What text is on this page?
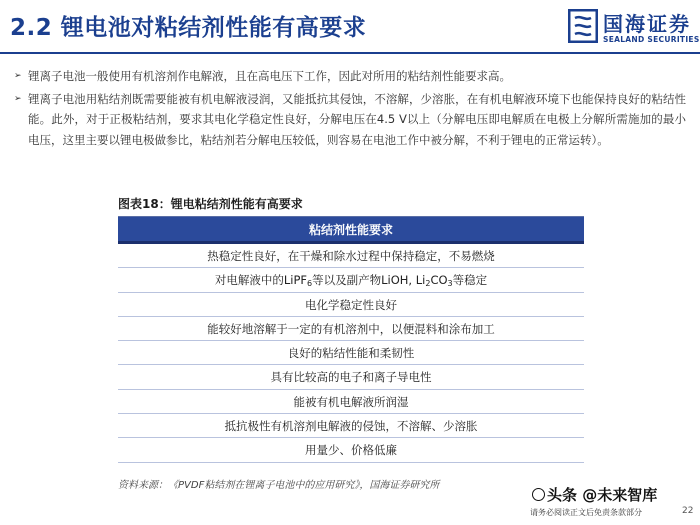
2.2 锂电池对粘结剂性能有高要求	国海证券
SEALAND SECURITIES
➢ 锂离子电池一般使用有机溶剂作电解液，且在高电压下工作，因此对所用的粘结剂性能要求高。
➢ 锂离子电池用粘结剂既需要能被有机电解液浸润，又能抵抗其侵蚀，不溶解，少溶胀，在有机电解液环境下也能保持良好的粘结性能。此外，对于正极粘结剂，要求其电化学稳定性良好，分解电压在4.5 V以上（分解电压即电解质在电极上分解所需施加的最小电压，这里主要以锂电极做参比，粘结剂若分解电压较低，则容易在电池工作中被分解，不利于锂电的正常运转）。
图表18：锂电粘结剂性能有高要求
粘结剂性能要求
热稳定性良好，在干燥和除水过程中保持稳定，不易燃烧
对电解液中的LiPF$_6$等以及副产物LiOH, $Li_2CO_3$等稳定
电化学稳定性良好
能较好地溶解于一定的有机溶剂中，以便混料和涂布加工
良好的粘结性能和柔韧性
具有比较高的电子和离子导电性
能被有机电解液所润湿
抵抗极性有机溶剂电解液的侵蚀，不溶解、少溶胀
用量少、价格低廉
资料来源：《PVDF粘结剂在锂离子电池中的应用研究》，国海证券研究所
头条 @未来智库
请务必阅读正文后免责条款部分	22
